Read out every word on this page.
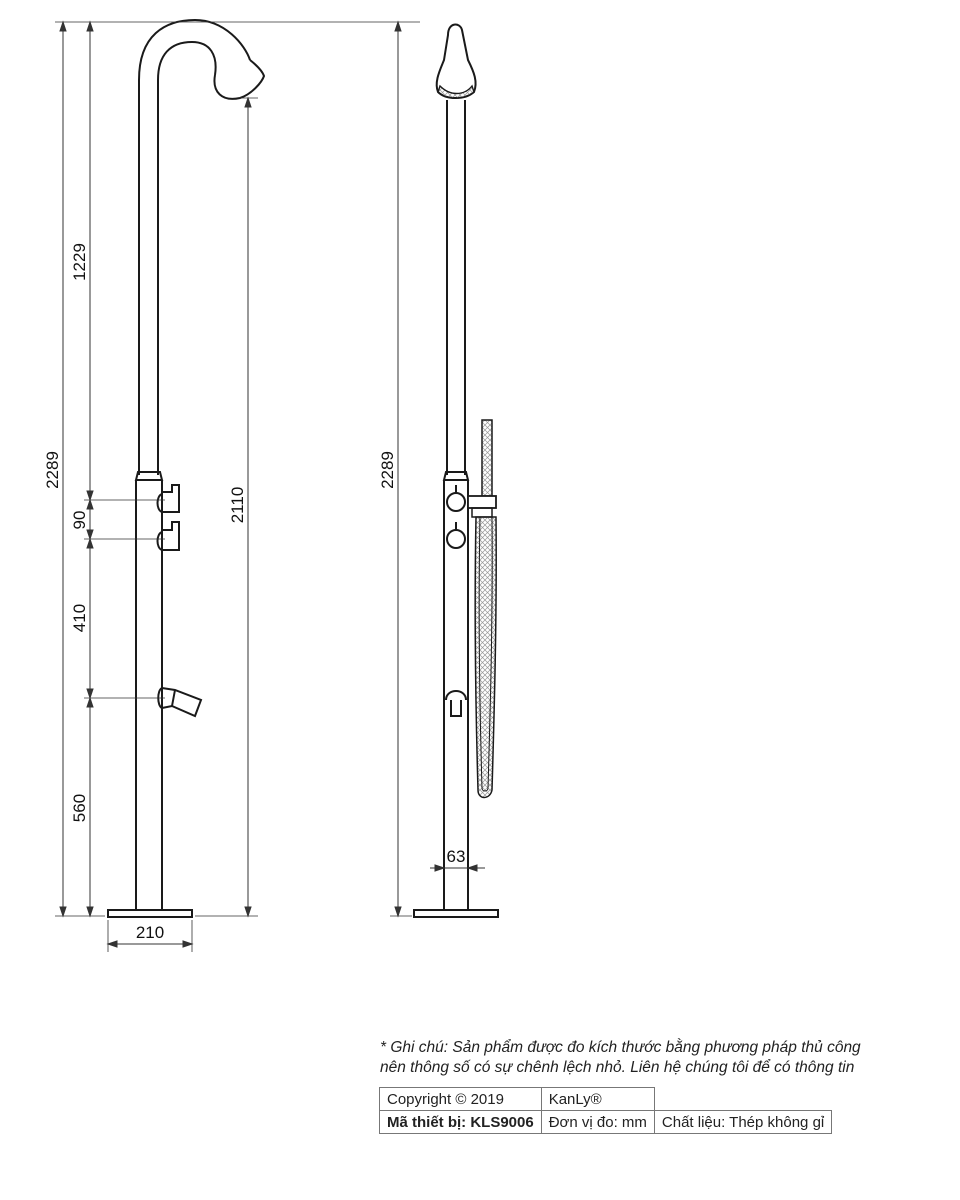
2289
1229
90
410
560
2110
210
2289
63
* Ghi chú: Sản phẩm được đo kích thước bằng phương pháp thủ công
nên thông số có sự chênh lệch nhỏ. Liên hệ chúng tôi để có thông tin
Copyright © 2019	KanLy®	
Mã thiết bị: KLS9006	Đơn vị đo: mm	Chất liệu: Thép không gỉ
